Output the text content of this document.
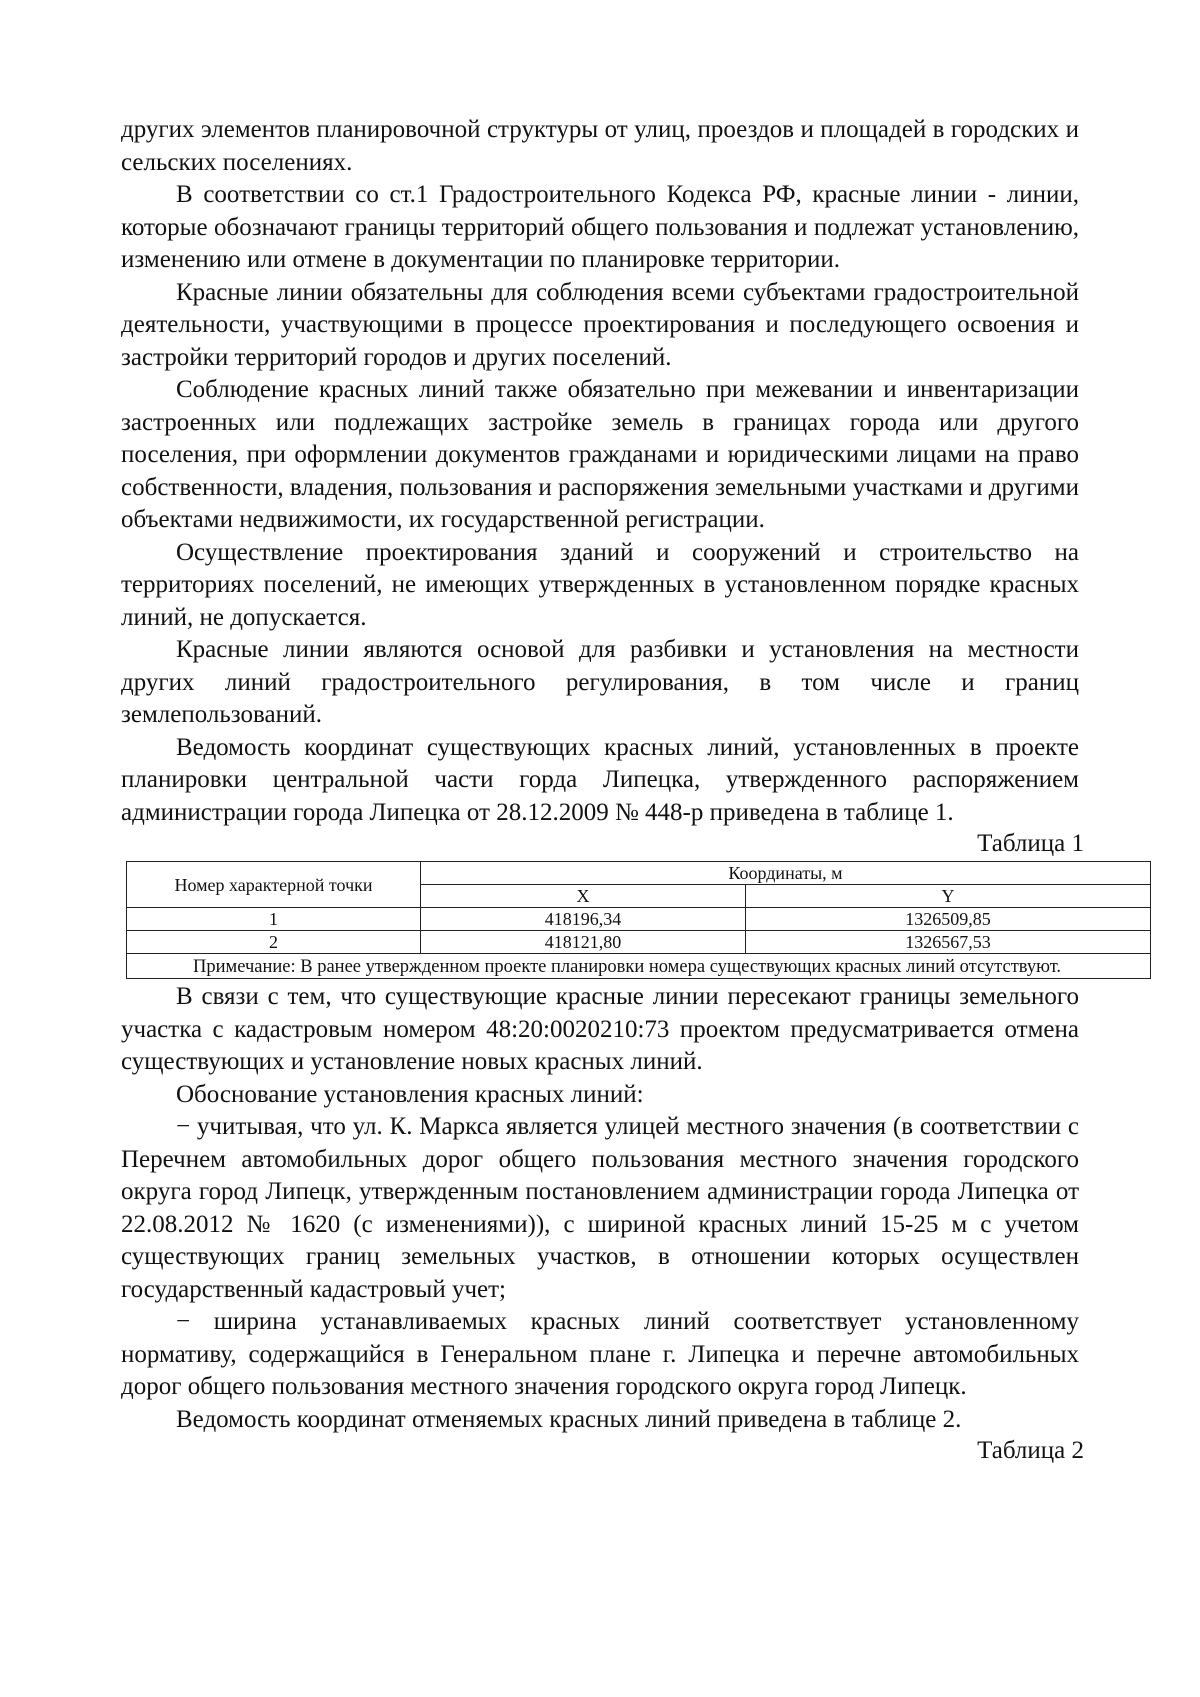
других элементов планировочной структуры от улиц, проездов и площадей в городских и сельских поселениях.

В соответствии со ст.1 Градостроительного Кодекса РФ, красные линии - линии, которые обозначают границы территорий общего пользования и подлежат установлению, изменению или отмене в документации по планировке территории.

Красные линии обязательны для соблюдения всеми субъектами градостроительной деятельности, участвующими в процессе проектирования и последующего освоения и застройки территорий городов и других поселений.

Соблюдение красных линий также обязательно при межевании и инвентаризации застроенных или подлежащих застройке земель в границах города или другого поселения, при оформлении документов гражданами и юридическими лицами на право собственности, владения, пользования и распоряжения земельными участками и другими объектами недвижимости, их государственной регистрации.

Осуществление проектирования зданий и сооружений и строительство на территориях поселений, не имеющих утвержденных в установленном порядке красных линий, не допускается.

Красные линии являются основой для разбивки и установления на местности других линий градостроительного регулирования, в том числе и границ землепользований.

Ведомость координат существующих красных линий, установленных в проекте планировки центральной части горда Липецка, утвержденного распоряжением администрации города Липецка от 28.12.2009 № 448-р приведена в таблице 1.

Таблица 1

Номер характерной точки	Координаты, м	
	X	Y
1	418196,34	1326509,85
2	418121,80	1326567,53
Примечание: В ранее утвержденном проекте планировки номера существующих красных линий отсутствуют.		

В связи с тем, что существующие красные линии пересекают границы земельного участка с кадастровым номером 48:20:0020210:73 проектом предусматривается отмена существующих и установление новых красных линий.

Обоснование установления красных линий:

− учитывая, что ул. К. Маркса является улицей местного значения (в соответствии с Перечнем автомобильных дорог общего пользования местного значения городского округа город Липецк, утвержденным постановлением администрации города Липецка от 22.08.2012 № 1620 (с изменениями)), с шириной красных линий 15-25 м с учетом существующих границ земельных участков, в отношении которых осуществлен государственный кадастровый учет;

− ширина устанавливаемых красных линий соответствует установленному нормативу, содержащийся в Генеральном плане г. Липецка и перечне автомобильных дорог общего пользования местного значения городского округа город Липецк.

Ведомость координат отменяемых красных линий приведена в таблице 2.

Таблица 2
